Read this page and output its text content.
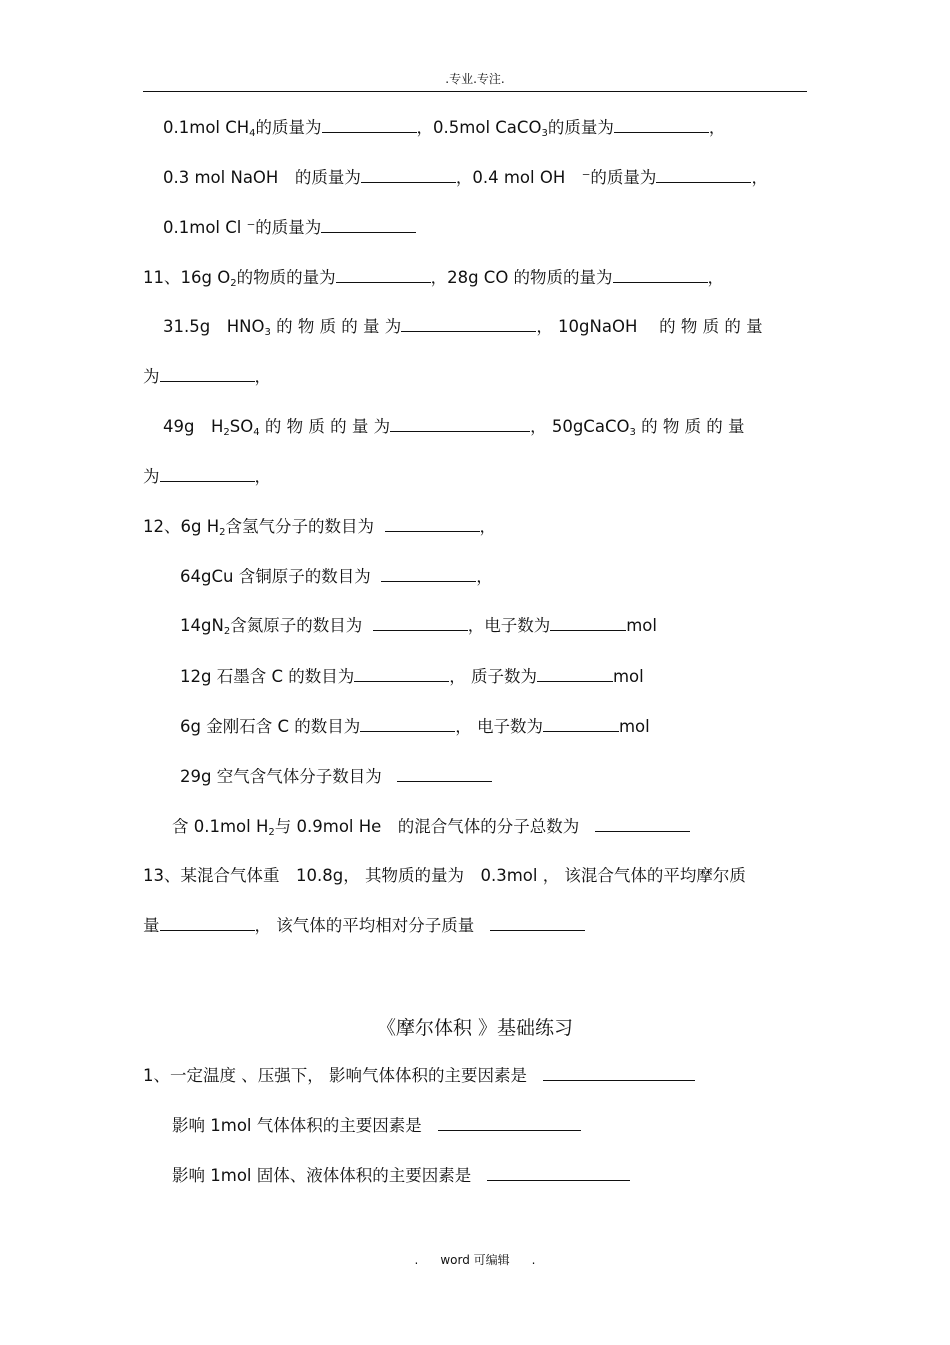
.专业.专注.
0.1mol $CH_4$的质量为	，0.5mol CaCO$_3$的质量为	，
0.3 mol NaOH　的质量为	，0.4 mol OH　⁻的质量为	，
0.1mol Cl ⁻的质量为
11、16g $O_2$的物质的量为	，28g CO 的物质的量为	，
31.5g　$HNO_3$ 的 物 质 的 量 为	， 10gNaOH　 的 物 质 的 量
为	，
49g　$H_2SO_4$ 的 物 质 的 量 为	， 50gCaCO$_3$ 的 物 质 的 量
为	，
12、6g $H_2$含氢气分子的数目为	，
64gCu 含铜原子的数目为	，
$14gN_2$含氮原子的数目为	，电子数为	mol
12g 石墨含 C 的数目为	， 质子数为	mol
6g 金刚石含 C 的数目为	， 电子数为	mol
29g 空气含气体分子数目为
含 0.1mol $H_2$与 0.9mol He　的混合气体的分子总数为
13、某混合气体重　10.8g， 其物质的量为　0.3mol ， 该混合气体的平均摩尔质
量	， 该气体的平均相对分子质量
《摩尔体积 》基础练习
1、一定温度 、压强下， 影响气体体积的主要因素是
影响 1mol 气体体积的主要因素是
影响 1mol 固体、液体体积的主要因素是
. word 可编辑 .
